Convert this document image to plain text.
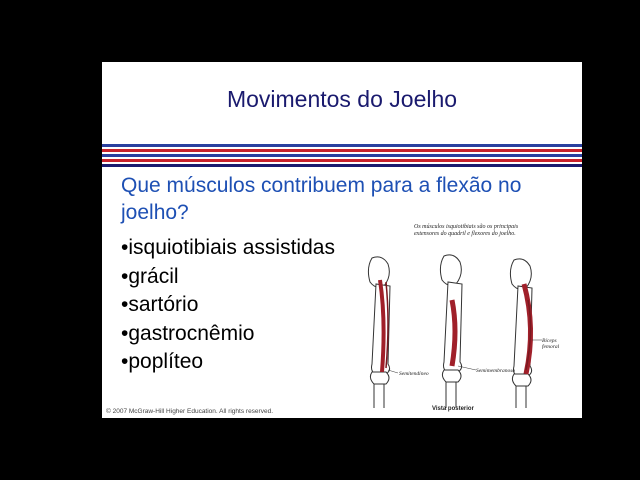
Movimentos do Joelho
Que músculos contribuem para a flexão no joelho?
• isquiotibiais assistidas
• grácil
• sartório
• gastrocnêmio
• poplíteo
Os músculos isquiotibiais são os principais extensores do quadril e flexores do joelho.
Semitendíneo	Semimembranoso
Bíceps femoral
Vista posterior
© 2007 McGraw-Hill Higher Education. All rights reserved.
